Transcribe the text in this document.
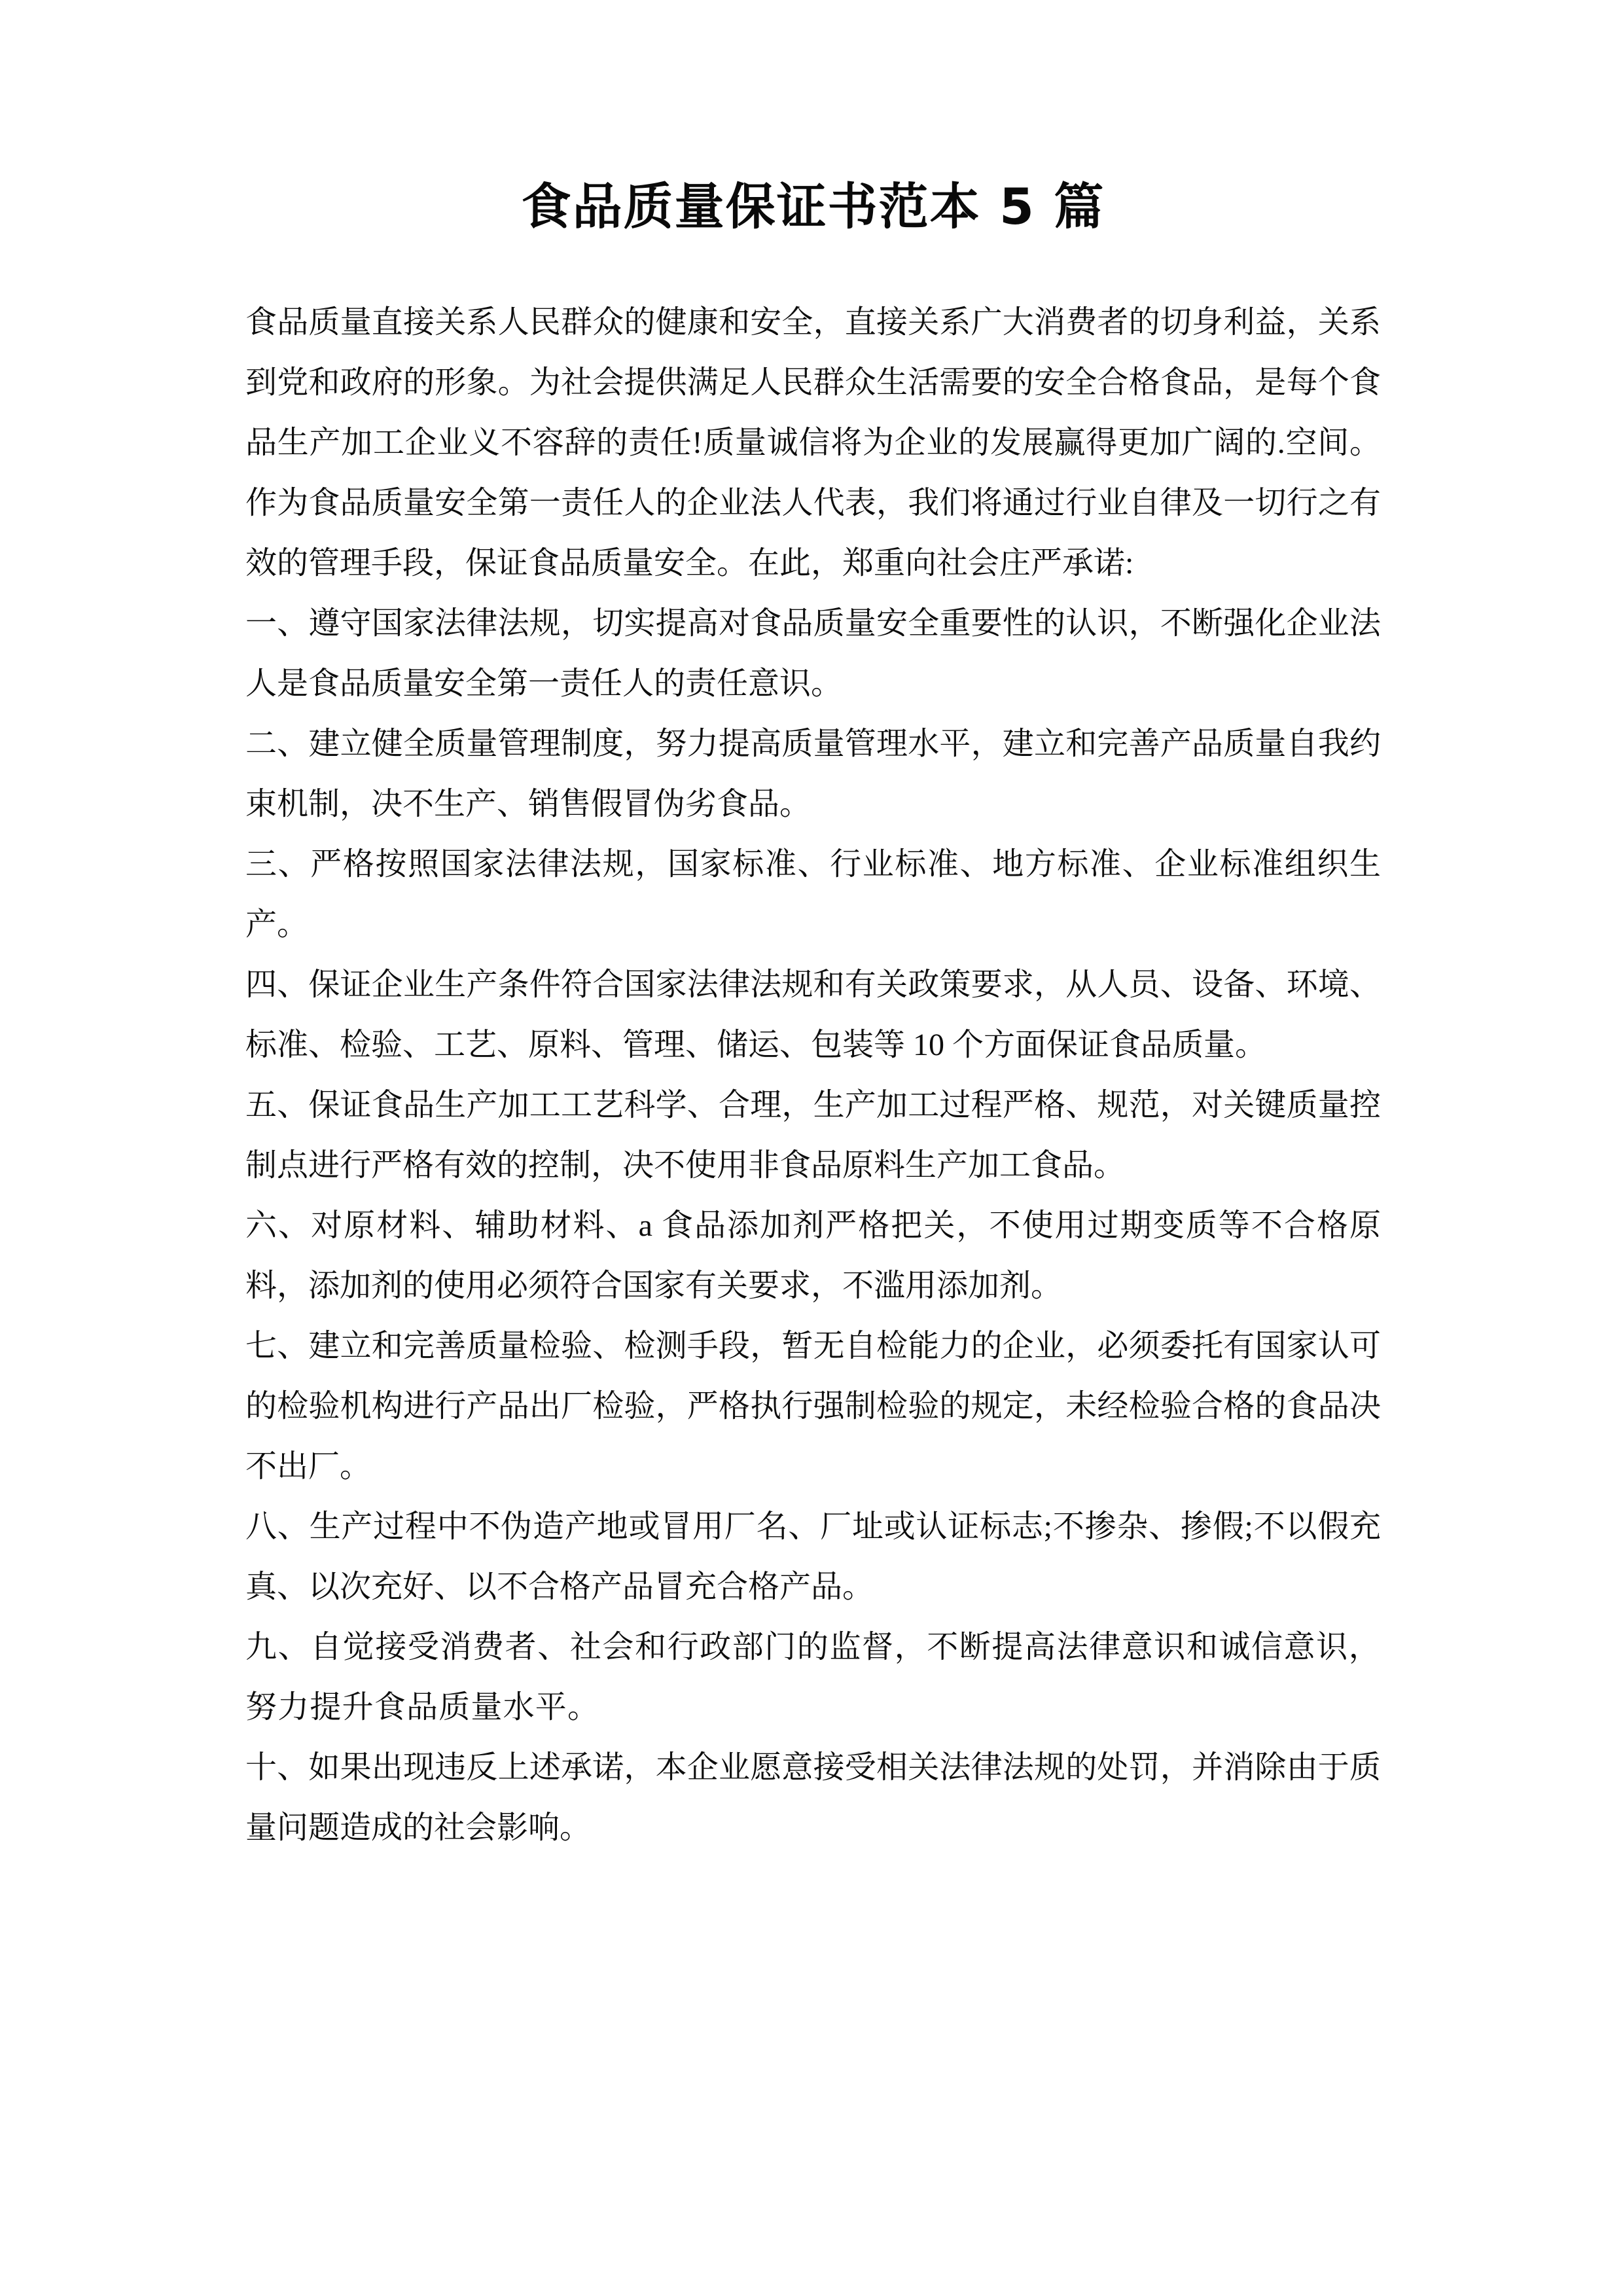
食品质量保证书范本 5 篇

食品质量直接关系人民群众的健康和安全，直接关系广大消费者的切身利益，关系到党和政府的形象。为社会提供满足人民群众生活需要的安全合格食品，是每个食品生产加工企业义不容辞的责任!质量诚信将为企业的发展赢得更加广阔的.空间。作为食品质量安全第一责任人的企业法人代表，我们将通过行业自律及一切行之有效的管理手段，保证食品质量安全。在此，郑重向社会庄严承诺:

一、遵守国家法律法规，切实提高对食品质量安全重要性的认识，不断强化企业法人是食品质量安全第一责任人的责任意识。

二、建立健全质量管理制度，努力提高质量管理水平，建立和完善产品质量自我约束机制，决不生产、销售假冒伪劣食品。

三、严格按照国家法律法规，国家标准、行业标准、地方标准、企业标准组织生产。

四、保证企业生产条件符合国家法律法规和有关政策要求，从人员、设备、环境、标准、检验、工艺、原料、管理、储运、包装等 10 个方面保证食品质量。

五、保证食品生产加工工艺科学、合理，生产加工过程严格、规范，对关键质量控制点进行严格有效的控制，决不使用非食品原料生产加工食品。

六、对原材料、辅助材料、a 食品添加剂严格把关，不使用过期变质等不合格原料，添加剂的使用必须符合国家有关要求，不滥用添加剂。

七、建立和完善质量检验、检测手段，暂无自检能力的企业，必须委托有国家认可的检验机构进行产品出厂检验，严格执行强制检验的规定，未经检验合格的食品决不出厂。

八、生产过程中不伪造产地或冒用厂名、厂址或认证标志;不掺杂、掺假;不以假充真、以次充好、以不合格产品冒充合格产品。

九、自觉接受消费者、社会和行政部门的监督，不断提高法律意识和诚信意识，努力提升食品质量水平。

十、如果出现违反上述承诺，本企业愿意接受相关法律法规的处罚，并消除由于质量问题造成的社会影响。
